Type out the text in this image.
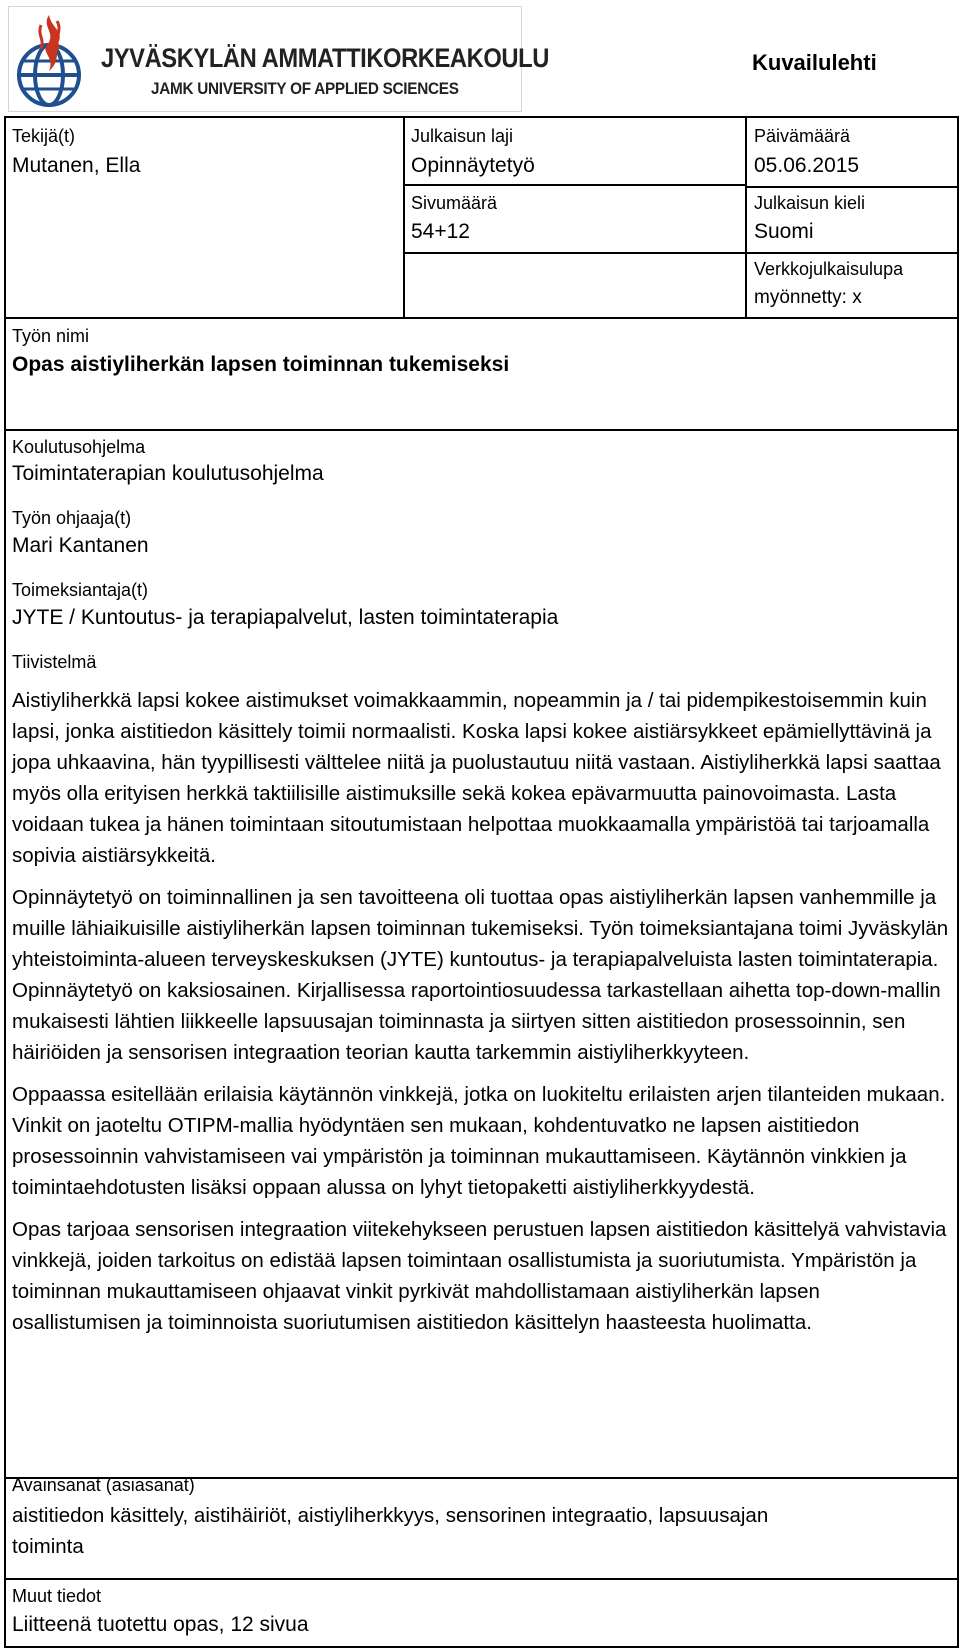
JYVÄSKYLÄN AMMATTIKORKEAKOULU
JAMK UNIVERSITY OF APPLIED SCIENCES
Kuvailulehti
Tekijä(t)
Mutanen, Ella
Julkaisun laji
Opinnäytetyö
Sivumäärä
54+12
Päivämäärä
05.06.2015
Julkaisun kieli
Suomi
Verkkojulkaisulupa
myönnetty: x
Työn nimi
Opas aistiyliherkän lapsen toiminnan tukemiseksi
Koulutusohjelma
Toimintaterapian koulutusohjelma
Työn ohjaaja(t)
Mari Kantanen
Toimeksiantaja(t)
JYTE / Kuntoutus- ja terapiapalvelut, lasten toimintaterapia
Tiivistelmä

Aistiyliherkkä lapsi kokee aistimukset voimakkaammin, nopeammin ja / tai pidempikestoisemmin kuin lapsi, jonka aistitiedon käsittely toimii normaalisti. Koska lapsi kokee aistiärsykkeet epämiellyttävinä ja jopa uhkaavina, hän tyypillisesti välttelee niitä ja puolustautuu niitä vastaan. Aistiyliherkkä lapsi saattaa myös olla erityisen herkkä taktiilisille aistimuksille sekä kokea epävarmuutta painovoimasta. Lasta voidaan tukea ja hänen toimintaan sitoutumistaan helpottaa muokkaamalla ympäristöä tai tarjoamalla sopivia aistiärsykkeitä.

Opinnäytetyö on toiminnallinen ja sen tavoitteena oli tuottaa opas aistiyliherkän lapsen vanhemmille ja muille lähiaikuisille aistiyliherkän lapsen toiminnan tukemiseksi. Työn toimeksiantajana toimi Jyväskylän yhteistoiminta-alueen terveyskeskuksen (JYTE) kuntoutus- ja terapiapalveluista lasten toimintaterapia. Opinnäytetyö on kaksiosainen. Kirjallisessa raportointiosuudessa tarkastellaan aihetta top-down-mallin mukaisesti lähtien liikkeelle lapsuusajan toiminnasta ja siirtyen sitten aistitiedon prosessoinnin, sen häiriöiden ja sensorisen integraation teorian kautta tarkemmin aistiyliherkkyyteen.

Oppaassa esitellään erilaisia käytännön vinkkejä, jotka on luokiteltu erilaisten arjen tilanteiden mukaan. Vinkit on jaoteltu OTIPM-mallia hyödyntäen sen mukaan, kohdentuvatko ne lapsen aistitiedon prosessoinnin vahvistamiseen vai ympäristön ja toiminnan mukauttamiseen. Käytännön vinkkien ja toimintaehdotusten lisäksi oppaan alussa on lyhyt tietopaketti aistiyliherkkyydestä.

Opas tarjoaa sensorisen integraation viitekehykseen perustuen lapsen aistitiedon käsittelyä vahvistavia vinkkejä, joiden tarkoitus on edistää lapsen toimintaan osallistumista ja suoriutumista. Ympäristön ja toiminnan mukauttamiseen ohjaavat vinkit pyrkivät mahdollistamaan aistiyliherkän lapsen osallistumisen ja toiminnoista suoriutumisen aistitiedon käsittelyn haasteesta huolimatta.

Avainsanat (asiasanat)
aistitiedon käsittely, aistihäiriöt, aistiyliherkkyys, sensorinen integraatio, lapsuusajan
toiminta
Muut tiedot
Liitteenä tuotettu opas, 12 sivua
